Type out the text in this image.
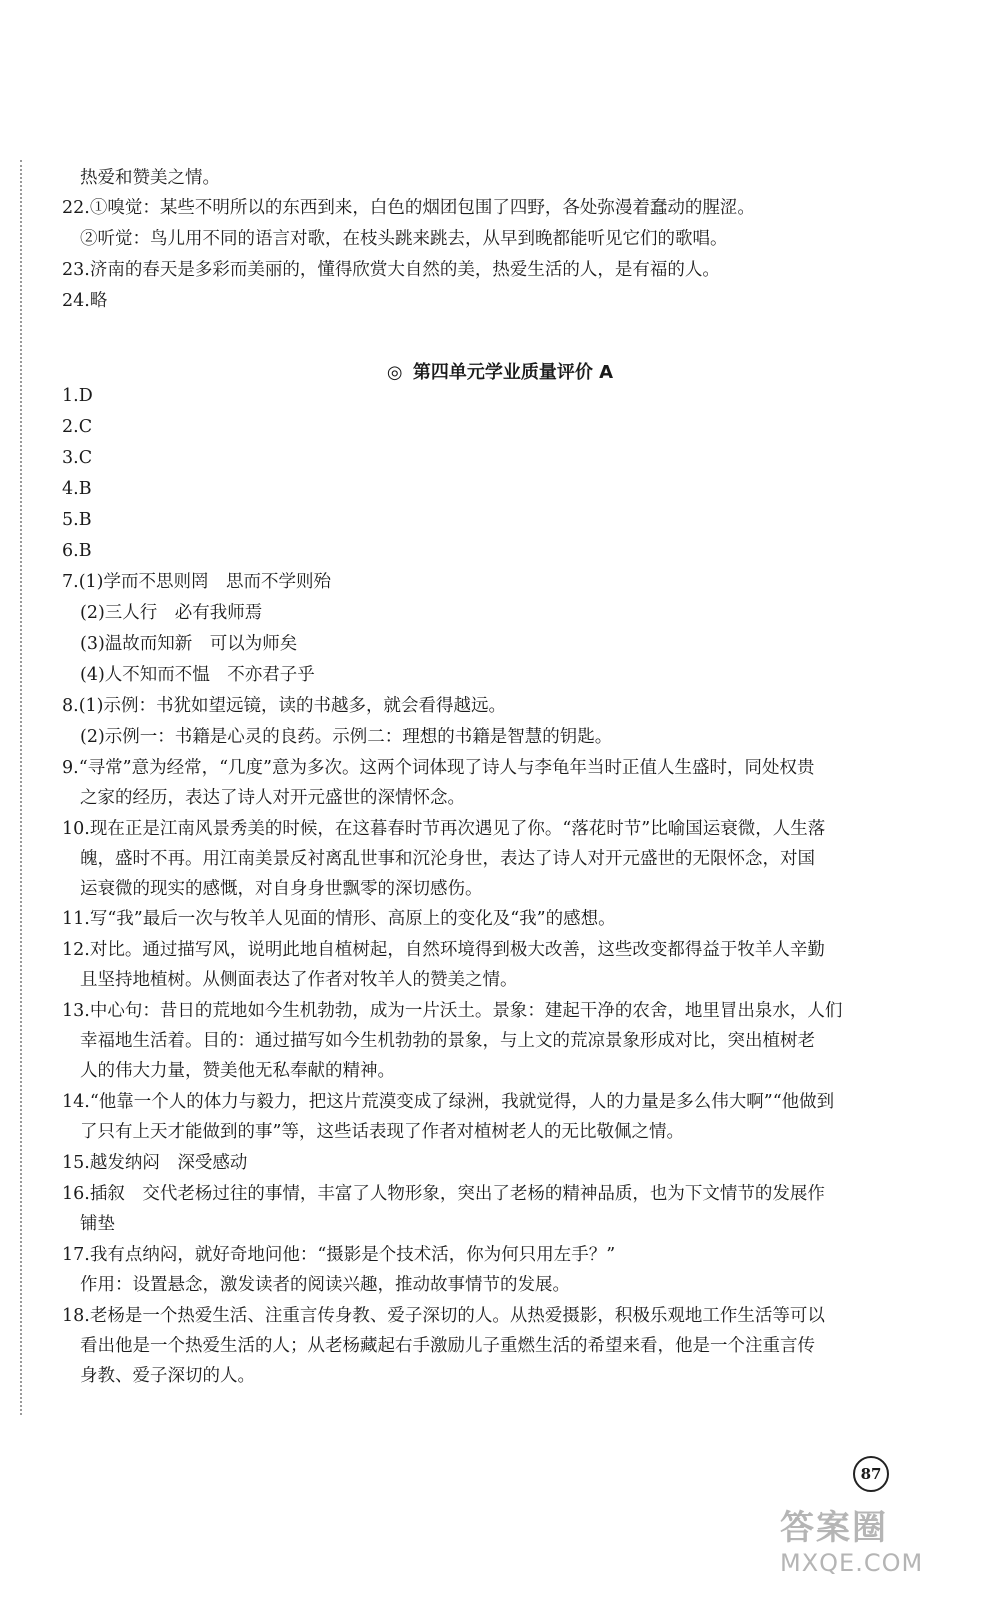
热爱和赞美之情。
22.①嗅觉：某些不明所以的东西到来，白色的烟团包围了四野，各处弥漫着蠢动的腥涩。
②听觉：鸟儿用不同的语言对歌，在枝头跳来跳去，从早到晚都能听见它们的歌唱。
23.济南的春天是多彩而美丽的，懂得欣赏大自然的美，热爱生活的人，是有福的人。
24.略
◎ 第四单元学业质量评价 A
1.D
2.C
3.C
4.B
5.B
6.B
7.(1)学而不思则罔　思而不学则殆
(2)三人行　必有我师焉
(3)温故而知新　可以为师矣
(4)人不知而不愠　不亦君子乎
8.(1)示例：书犹如望远镜，读的书越多，就会看得越远。
(2)示例一：书籍是心灵的良药。示例二：理想的书籍是智慧的钥匙。
9.“寻常”意为经常，“几度”意为多次。这两个词体现了诗人与李龟年当时正值人生盛时，同处权贵
之家的经历，表达了诗人对开元盛世的深情怀念。
10.现在正是江南风景秀美的时候，在这暮春时节再次遇见了你。“落花时节”比喻国运衰微，人生落
魄，盛时不再。用江南美景反衬离乱世事和沉沦身世，表达了诗人对开元盛世的无限怀念，对国
运衰微的现实的感慨，对自身身世飘零的深切感伤。
11.写“我”最后一次与牧羊人见面的情形、高原上的变化及“我”的感想。
12.对比。通过描写风，说明此地自植树起，自然环境得到极大改善，这些改变都得益于牧羊人辛勤
且坚持地植树。从侧面表达了作者对牧羊人的赞美之情。
13.中心句：昔日的荒地如今生机勃勃，成为一片沃土。景象：建起干净的农舍，地里冒出泉水，人们
幸福地生活着。目的：通过描写如今生机勃勃的景象，与上文的荒凉景象形成对比，突出植树老
人的伟大力量，赞美他无私奉献的精神。
14.“他靠一个人的体力与毅力，把这片荒漠变成了绿洲，我就觉得，人的力量是多么伟大啊”“他做到
了只有上天才能做到的事”等，这些话表现了作者对植树老人的无比敬佩之情。
15.越发纳闷　深受感动
16.插叙　交代老杨过往的事情，丰富了人物形象，突出了老杨的精神品质，也为下文情节的发展作
铺垫
17.我有点纳闷，就好奇地问他：“摄影是个技术活，你为何只用左手？”
作用：设置悬念，激发读者的阅读兴趣，推动故事情节的发展。
18.老杨是一个热爱生活、注重言传身教、爱子深切的人。从热爱摄影，积极乐观地工作生活等可以
看出他是一个热爱生活的人；从老杨藏起右手激励儿子重燃生活的希望来看，他是一个注重言传
身教、爱子深切的人。
87
答案圈
MXQE.COM
